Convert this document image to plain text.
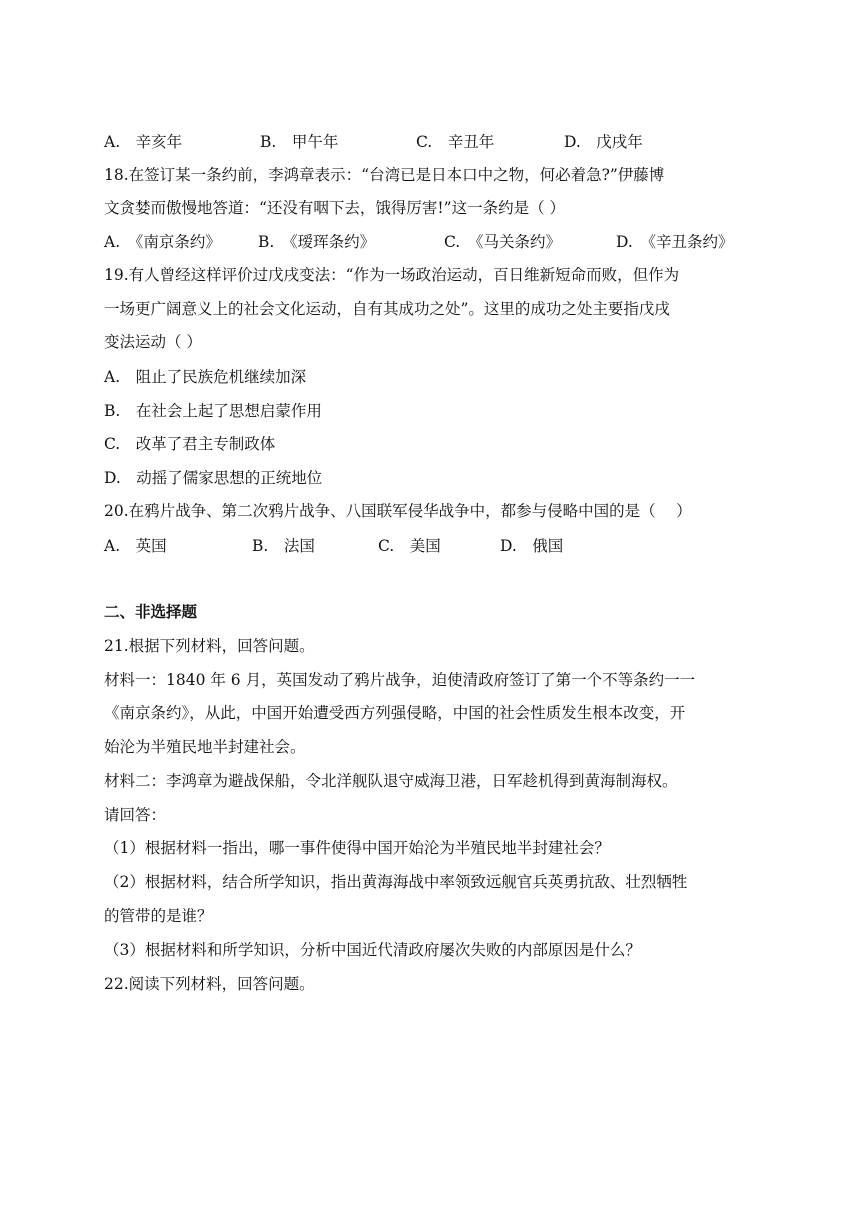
A.　辛亥年	B.　甲午年	C.　辛丑年	D.　戊戌年
18.在签订某一条约前，李鸿章表示：“台湾已是日本口中之物，何必着急?”伊藤博
文贪婪而傲慢地答道：“还没有咽下去，饿得厉害!”这一条约是（ ）
A.　《南京条约》	B.　《瑷珲条约》	C.　《马关条约》	D.　《辛丑条约》
19.有人曾经这样评价过戊戌变法：“作为一场政治运动，百日维新短命而败，但作为
一场更广阔意义上的社会文化运动，自有其成功之处”。这里的成功之处主要指戊戌
变法运动（ ）
A.　阻止了民族危机继续加深
B.　在社会上起了思想启蒙作用
C.　改革了君主专制政体
D.　动摇了儒家思想的正统地位
20.在鸦片战争、第二次鸦片战争、八国联军侵华战争中，都参与侵略中国的是（　 ）
A.　英国	B.　法国	C.　美国	D.　俄国
二、非选择题
21.根据下列材料，回答问题。
材料一：1840 年 6 月，英国发动了鸦片战争，迫使清政府签订了第一个不等条约一一
《南京条约》，从此，中国开始遭受西方列强侵略，中国的社会性质发生根本改变，开
始沦为半殖民地半封建社会。
材料二：李鸿章为避战保船，令北洋舰队退守威海卫港，日军趁机得到黄海制海权。
请回答：
（1）根据材料一指出，哪一事件使得中国开始沦为半殖民地半封建社会？
（2）根据材料，结合所学知识，指出黄海海战中率领致远舰官兵英勇抗敌、壮烈牺牲
的管带的是谁？
（3）根据材料和所学知识，分析中国近代清政府屡次失败的内部原因是什么？
22.阅读下列材料，回答问题。
